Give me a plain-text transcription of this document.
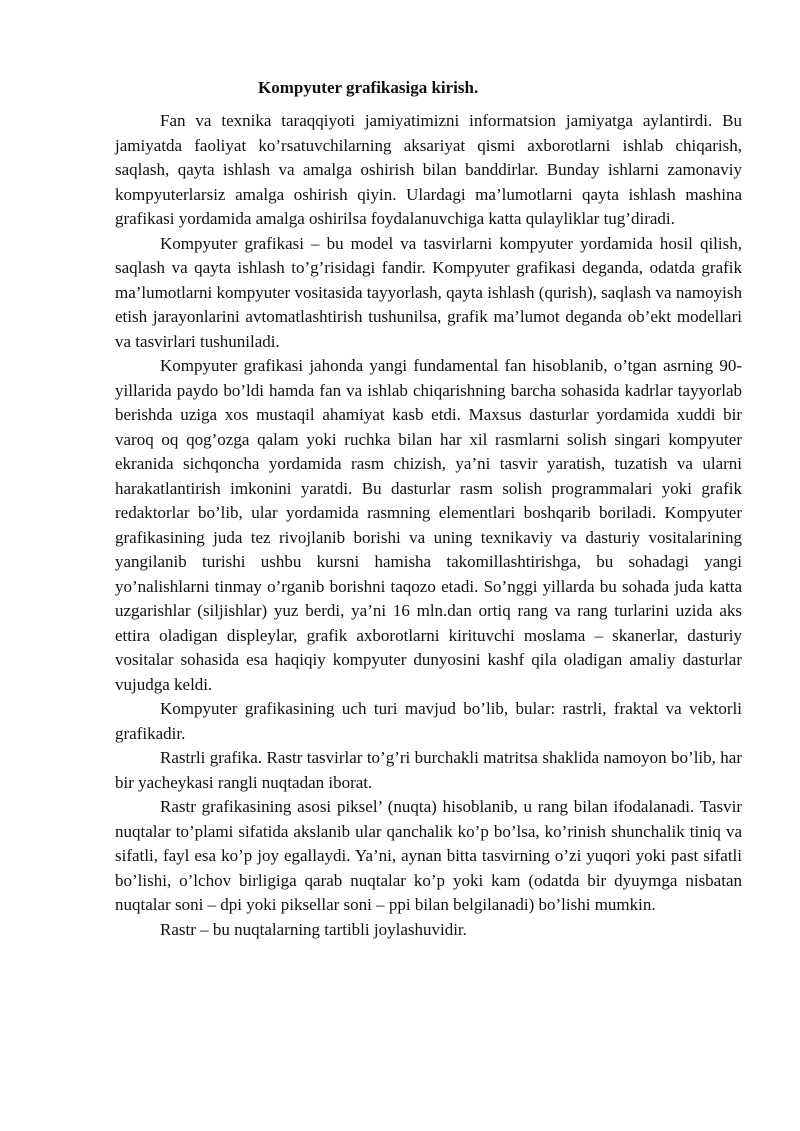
Kompyuter grafikasiga kirish.

Fan va texnika taraqqiyoti jamiyatimizni informatsion jamiyatga aylantirdi. Bu jamiyatda faoliyat ko’rsatuvchilarning aksariyat qismi axborotlarni ishlab chiqarish, saqlash, qayta ishlash va amalga oshirish bilan banddirlar. Bunday ishlarni zamonaviy kompyuterlarsiz amalga oshirish qiyin. Ulardagi ma’lumotlarni qayta ishlash mashina grafikasi yordamida amalga oshirilsa foydalanuvchiga katta qulayliklar tug’diradi.

Kompyuter grafikasi – bu model va tasvirlarni kompyuter yordamida hosil qilish, saqlash va qayta ishlash to’g’risidagi fandir. Kompyuter grafikasi deganda, odatda grafik ma’lumotlarni kompyuter vositasida tayyorlash, qayta ishlash (qurish), saqlash va namoyish etish jarayonlarini avtomatlashtirish tushunilsa, grafik ma’lumot deganda ob’ekt modellari va tasvirlari tushuniladi.

Kompyuter grafikasi jahonda yangi fundamental fan hisoblanib, o’tgan asrning 90-yillarida paydo bo’ldi hamda fan va ishlab chiqarishning barcha sohasida kadrlar tayyorlab berishda uziga xos mustaqil ahamiyat kasb etdi. Maxsus dasturlar yordamida xuddi bir varoq oq qog’ozga qalam yoki ruchka bilan har xil rasmlarni solish singari kompyuter ekranida sichqoncha yordamida rasm chizish, ya’ni tasvir yaratish, tuzatish va ularni harakatlantirish imkonini yaratdi. Bu dasturlar rasm solish programmalari yoki grafik redaktorlar bo’lib, ular yordamida rasmning elementlari boshqarib boriladi. Kompyuter grafikasining juda tez rivojlanib borishi va uning texnikaviy va dasturiy vositalarining yangilanib turishi ushbu kursni hamisha takomillashtirishga, bu sohadagi yangi yo’nalishlarni tinmay o’rganib borishni taqozo etadi. So’nggi yillarda bu sohada juda katta uzgarishlar (siljishlar) yuz berdi, ya’ni 16 mln.dan ortiq rang va rang turlarini uzida aks ettira oladigan displeylar, grafik axborotlarni kirituvchi moslama – skanerlar, dasturiy vositalar sohasida esa haqiqiy kompyuter dunyosini kashf qila oladigan amaliy dasturlar vujudga keldi.

Kompyuter grafikasining uch turi mavjud bo’lib, bular: rastrli, fraktal va vektorli grafikadir.

Rastrli grafika. Rastr tasvirlar to’g’ri burchakli matritsa shaklida namoyon bo’lib, har bir yacheykasi rangli nuqtadan iborat.

Rastr grafikasining asosi piksel’ (nuqta) hisoblanib, u rang bilan ifodalanadi. Tasvir nuqtalar to’plami sifatida akslanib ular qanchalik ko’p bo’lsa, ko’rinish shunchalik tiniq va sifatli, fayl esa ko’p joy egallaydi. Ya’ni, aynan bitta tasvirning o’zi yuqori yoki past sifatli bo’lishi, o’lchov birligiga qarab nuqtalar ko’p yoki kam (odatda bir dyuymga nisbatan nuqtalar soni – dpi yoki piksellar soni – ppi bilan belgilanadi) bo’lishi mumkin.

Rastr – bu nuqtalarning tartibli joylashuvidir.
